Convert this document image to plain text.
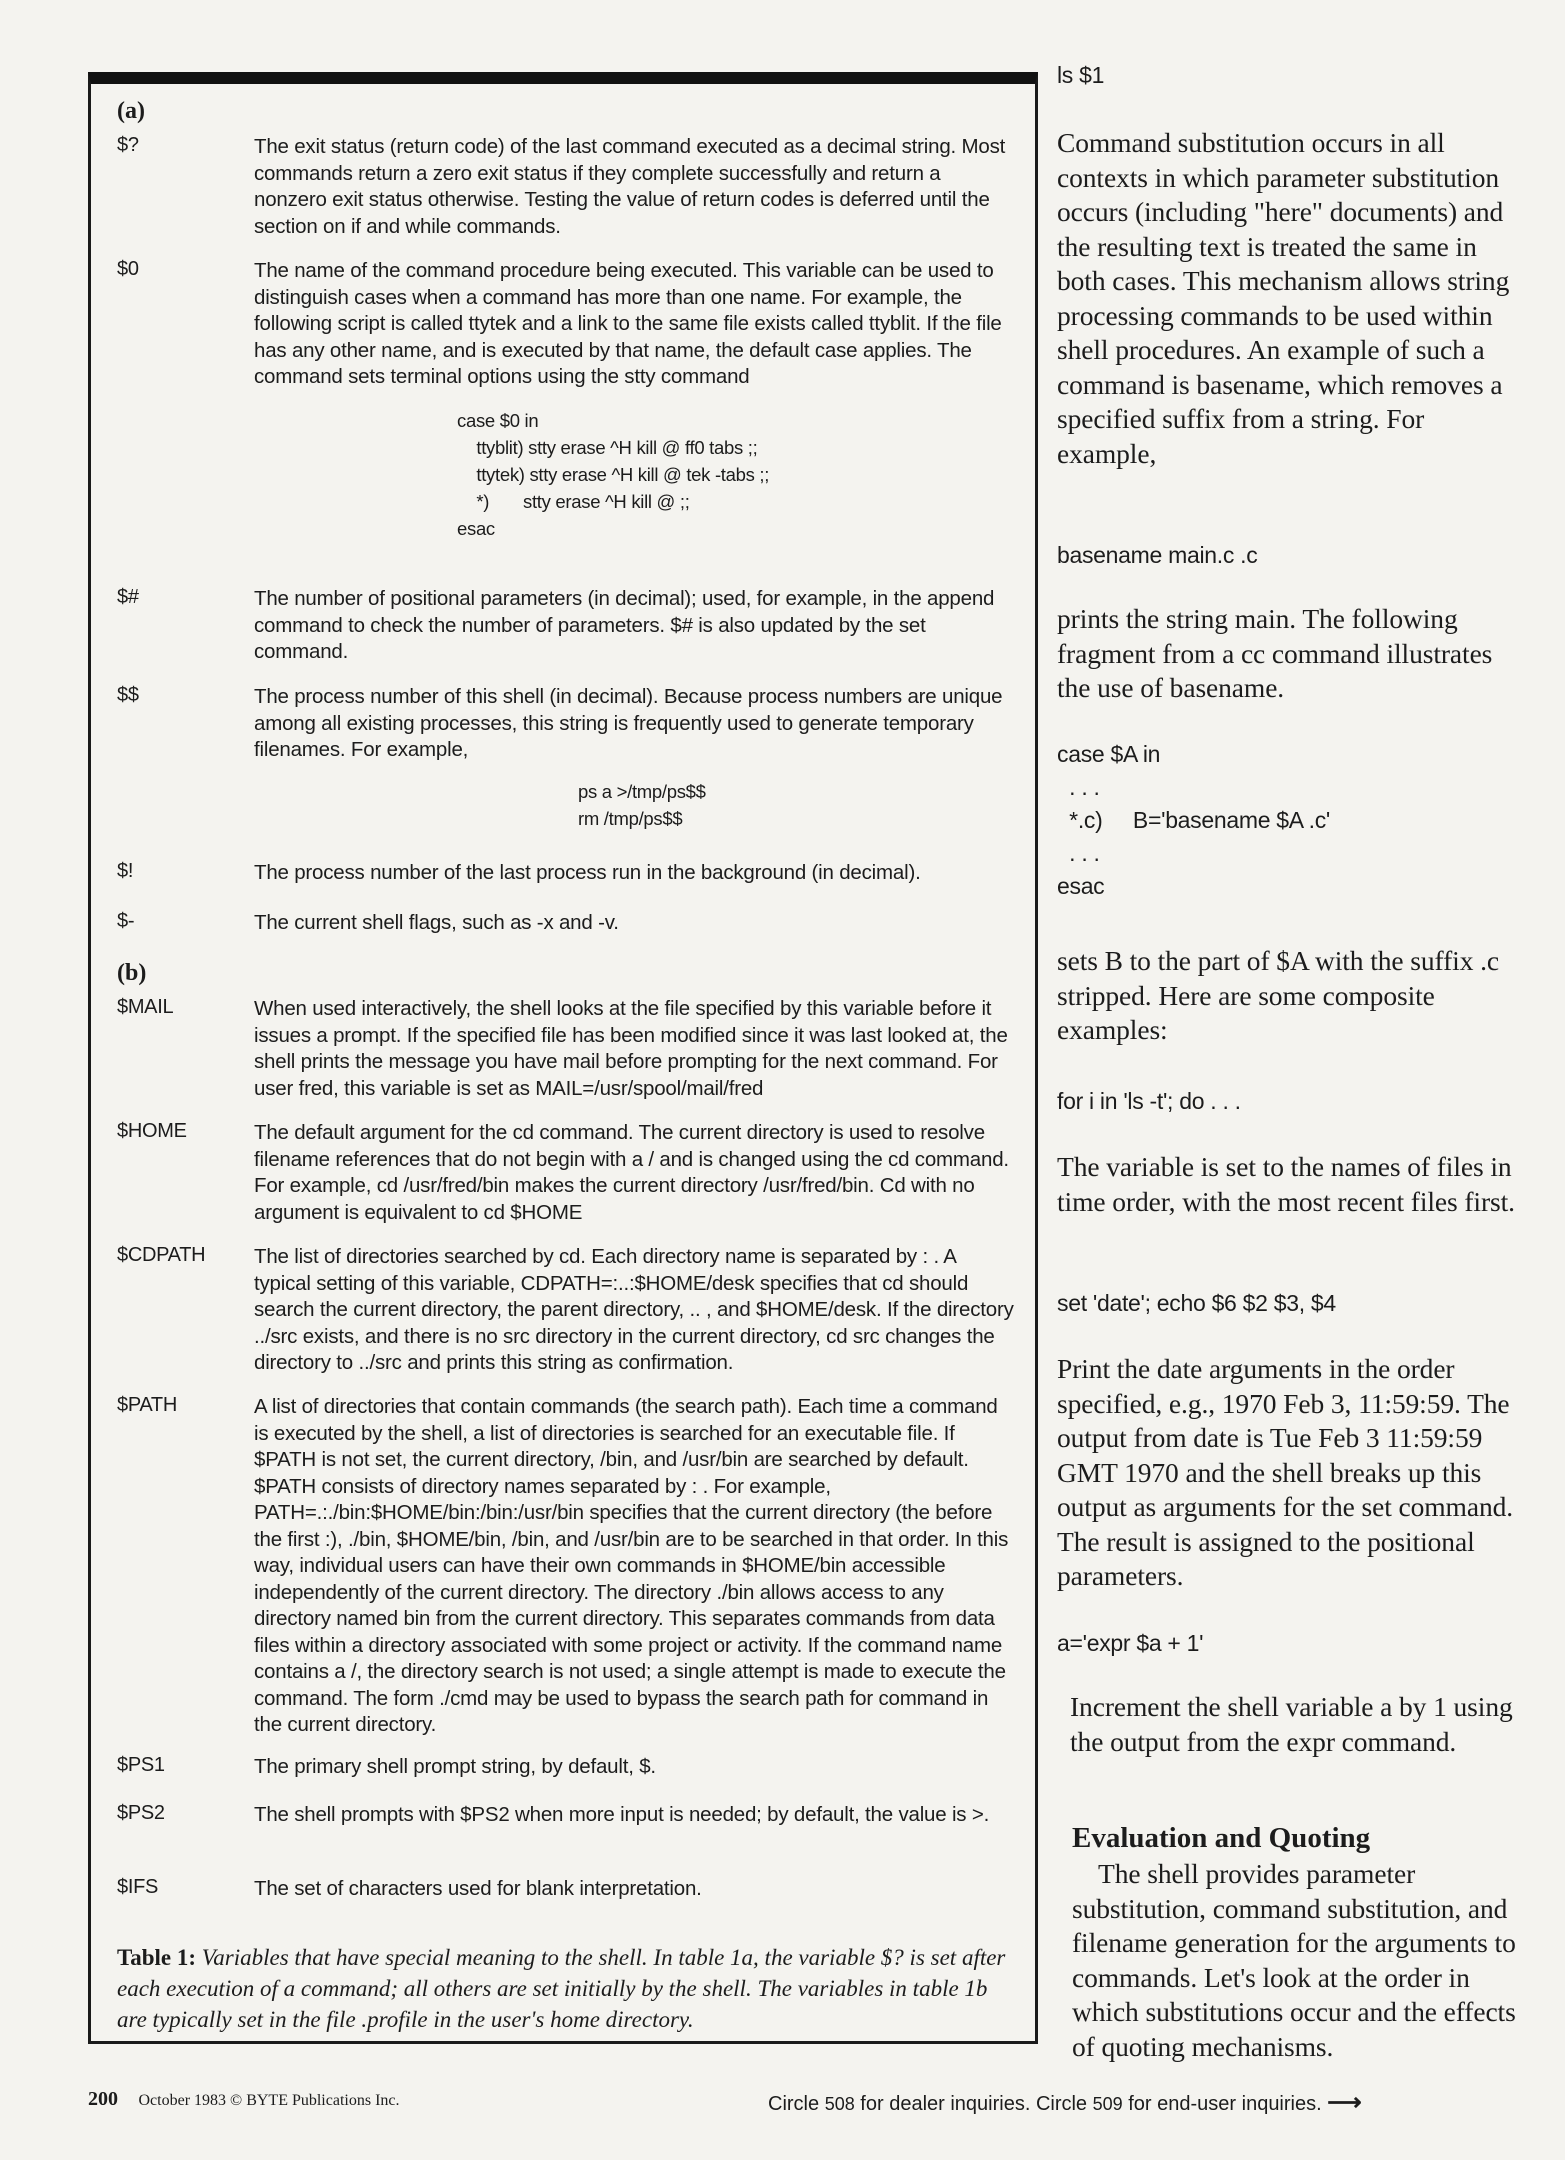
(a)
$?	The exit status (return code) of the last command executed as a decimal string. Most commands return a zero exit status if they complete successfully and return a nonzero exit status otherwise. Testing the value of return codes is deferred until the section on if and while commands.
$0	The name of the command procedure being executed. This variable can be used to distinguish cases when a command has more than one name. For example, the following script is called ttytek and a link to the same file exists called ttyblit. If the file has any other name, and is executed by that name, the default case applies. The command sets terminal options using the stty command
case $0 in
ttyblit) stty erase ^H kill @ ff0 tabs ;;
ttytek) stty erase ^H kill @ tek -tabs ;;
*)       stty erase ^H kill @ ;;
esac
$#	The number of positional parameters (in decimal); used, for example, in the append command to check the number of parameters. $# is also updated by the set command.
$$	The process number of this shell (in decimal). Because process numbers are unique among all existing processes, this string is frequently used to generate temporary filenames. For example,
ps a >/tmp/ps$$
rm /tmp/ps$$
$!	The process number of the last process run in the background (in decimal).
$-	The current shell flags, such as -x and -v.
(b)
$MAIL	When used interactively, the shell looks at the file specified by this variable before it issues a prompt. If the specified file has been modified since it was last looked at, the shell prints the message you have mail before prompting for the next command. For user fred, this variable is set as MAIL=/usr/spool/mail/fred
$HOME	The default argument for the cd command. The current directory is used to resolve filename references that do not begin with a / and is changed using the cd command. For example, cd /usr/fred/bin makes the current directory /usr/fred/bin. Cd with no argument is equivalent to cd $HOME
$CDPATH The list of directories searched by cd. Each directory name is separated by : . A typical setting of this variable, CDPATH=:..:$HOME/desk specifies that cd should search the current directory, the parent directory, .. , and $HOME/desk. If the directory ../src exists, and there is no src directory in the current directory, cd src changes the directory to ../src and prints this string as confirmation.
$PATH	A list of directories that contain commands (the search path). Each time a command is executed by the shell, a list of directories is searched for an executable file. If $PATH is not set, the current directory, /bin, and /usr/bin are searched by default. $PATH consists of directory names separated by : . For example, PATH=.:./bin:$HOME/bin:/bin:/usr/bin specifies that the current directory (the before the first :), ./bin, $HOME/bin, /bin, and /usr/bin are to be searched in that order. In this way, individual users can have their own commands in $HOME/bin accessible independently of the current directory. The directory ./bin allows access to any directory named bin from the current directory. This separates commands from data files within a directory associated with some project or activity. If the command name contains a /, the directory search is not used; a single attempt is made to execute the command. The form ./cmd may be used to bypass the search path for command in the current directory.
$PS1	The primary shell prompt string, by default, $.
$PS2	The shell prompts with $PS2 when more input is needed; by default, the value is >.
$IFS	The set of characters used for blank interpretation.
Table 1: Variables that have special meaning to the shell. In table 1a, the variable $? is set after each execution of a command; all others are set initially by the shell. The variables in table 1b are typically set in the file .profile in the user's home directory.

ls $1

Command substitution occurs in all contexts in which parameter substitution occurs (including "here" documents) and the resulting text is treated the same in both cases. This mechanism allows string processing commands to be used within shell procedures. An example of such a command is basename, which removes a specified suffix from a string. For example,

basename main.c .c

prints the string main. The following fragment from a cc command illustrates the use of basename.

case $A in
. . .
*.c)     B='basename $A .c'
. . .
esac

sets B to the part of $A with the suffix .c stripped. Here are some composite examples:

for i in 'ls -t'; do . . .

The variable is set to the names of files in time order, with the most recent files first.

set 'date'; echo $6 $2 $3, $4

Print the date arguments in the order specified, e.g., 1970 Feb 3, 11:59:59. The output from date is Tue Feb 3 11:59:59 GMT 1970 and the shell breaks up this output as arguments for the set command. The result is assigned to the positional parameters.

a='expr $a + 1'

Increment the shell variable a by 1 using the output from the expr command.

Evaluation and Quoting

The shell provides parameter substitution, command substitution, and filename generation for the arguments to commands. Let's look at the order in which substitutions occur and the effects of quoting mechanisms.

200 October 1983 © BYTE Publications Inc.	Circle 508 for dealer inquiries. Circle 509 for end-user inquiries. ⟶
